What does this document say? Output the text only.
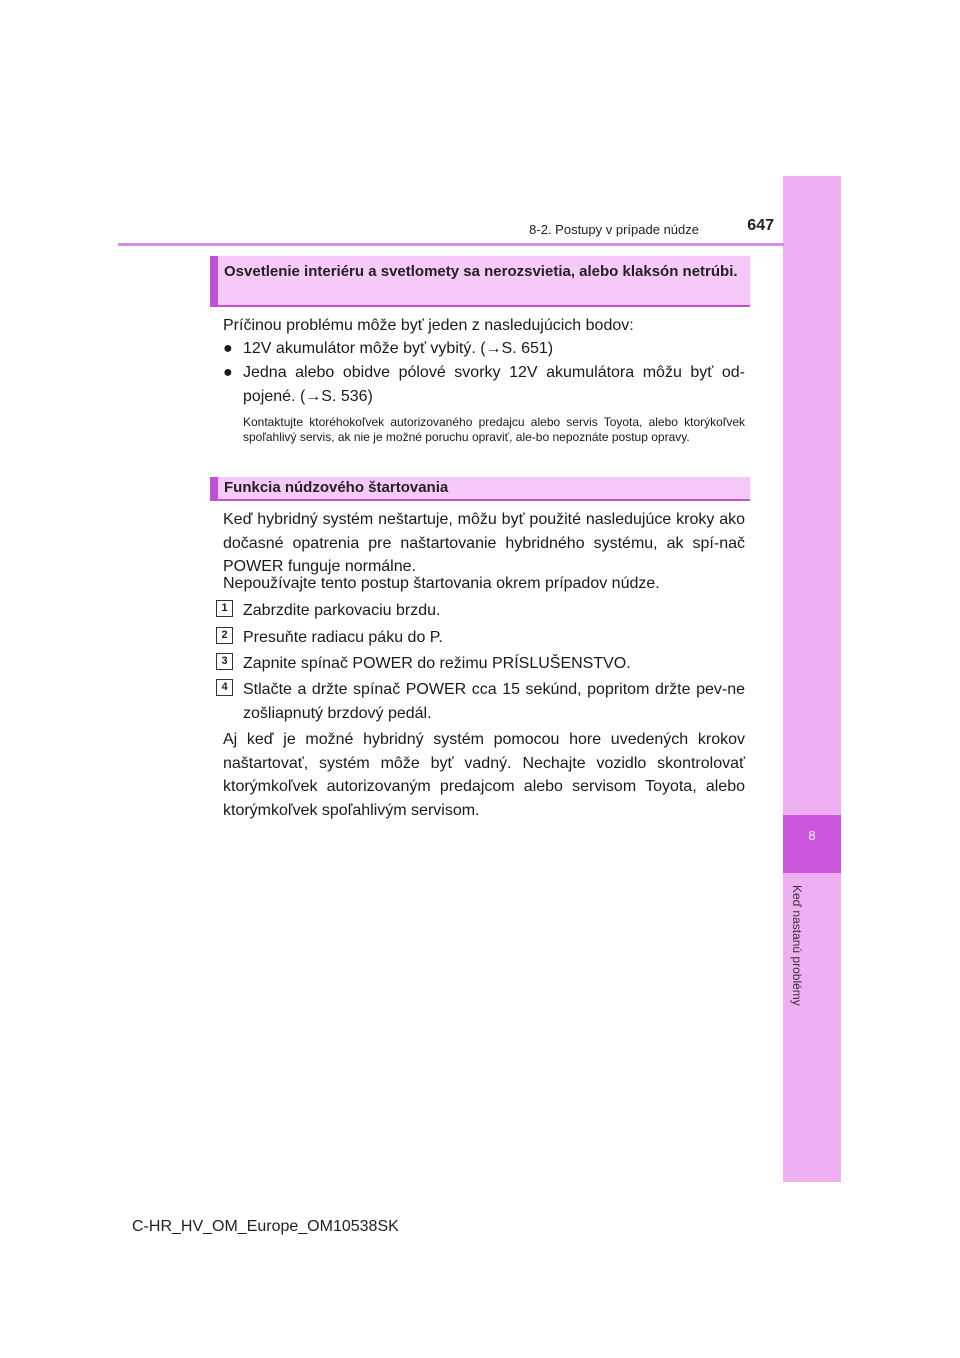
8
Keď nastanú problémy
8-2. Postupy v prípade núdze	647
Osvetlenie interiéru a svetlomety sa nerozsvietia, alebo klaksón netrúbi.
Príčinou problému môže byť jeden z nasledujúcich bodov:
● 12V akumulátor môže byť vybitý. (→S. 651)
● Jedna alebo obidve pólové svorky 12V akumulátora môžu byť od-pojené. (→S. 536)
Kontaktujte ktoréhokoľvek autorizovaného predajcu alebo servis Toyota, alebo ktorýkoľvek spoľahlivý servis, ak nie je možné poruchu opraviť, ale-bo nepoznáte postup opravy.
Funkcia núdzového štartovania
Keď hybridný systém neštartuje, môžu byť použité nasledujúce kroky ako dočasné opatrenia pre naštartovanie hybridného systému, ak spí-nač POWER funguje normálne.
Nepoužívajte tento postup štartovania okrem prípadov núdze.
1 Zabrzdite parkovaciu brzdu.
2 Presuňte radiacu páku do P.
3 Zapnite spínač POWER do režimu PRÍSLUŠENSTVO.
4 Stlačte a držte spínač POWER cca 15 sekúnd, popritom držte pev-ne zošliapnutý brzdový pedál.
Aj keď je možné hybridný systém pomocou hore uvedených krokov naštartovať, systém môže byť vadný. Nechajte vozidlo skontrolovať ktorýmkoľvek autorizovaným predajcom alebo servisom Toyota, alebo ktorýmkoľvek spoľahlivým servisom.
C-HR_HV_OM_Europe_OM10538SK
